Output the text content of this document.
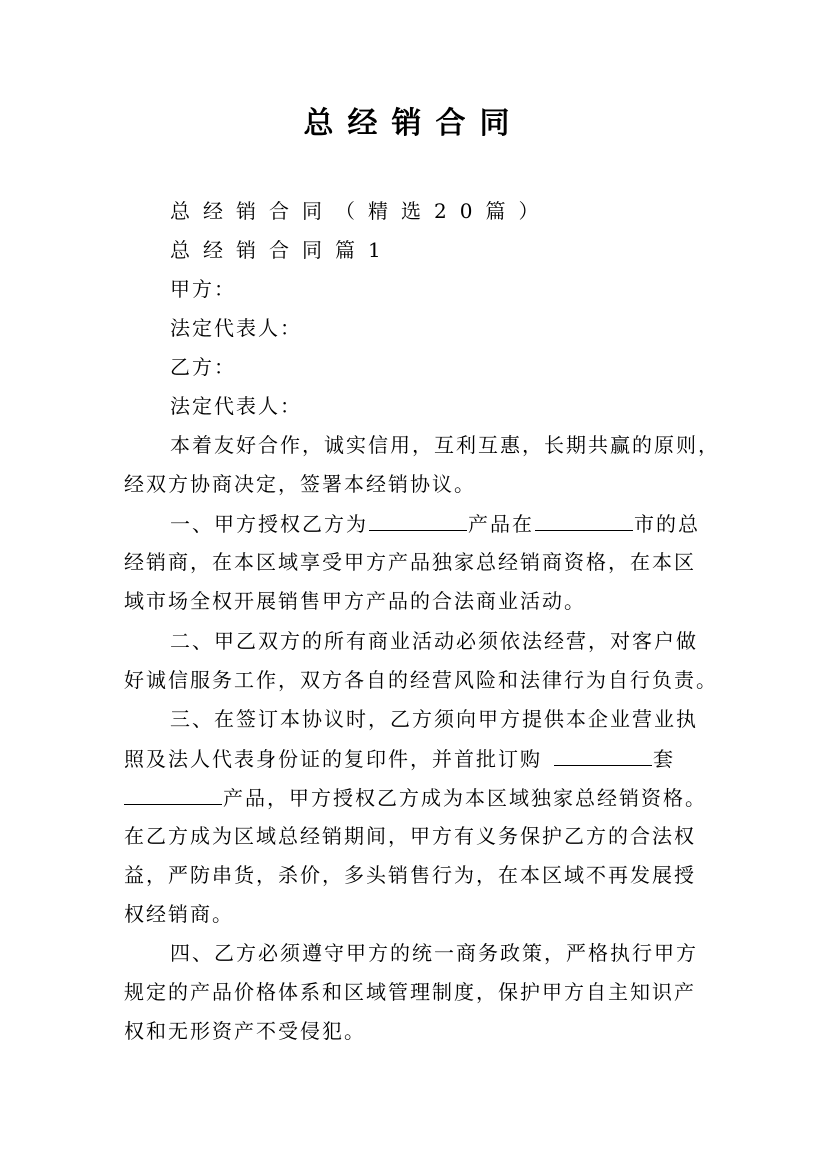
总经销合同
总经销合同（精选20篇）
总经销合同篇1
甲方：
法定代表人：
乙方：
法定代表人：
本着友好合作，诚实信用，互利互惠，长期共赢的原则，
经双方协商决定，签署本经销协议。
一、甲方授权乙方为	产品在	市的总
经销商，在本区域享受甲方产品独家总经销商资格，在本区
域市场全权开展销售甲方产品的合法商业活动。
二、甲乙双方的所有商业活动必须依法经营，对客户做
好诚信服务工作，双方各自的经营风险和法律行为自行负责。
三、在签订本协议时，乙方须向甲方提供本企业营业执
照及法人代表身份证的复印件，并首批订购	套
产品，甲方授权乙方成为本区域独家总经销资格。
在乙方成为区域总经销期间，甲方有义务保护乙方的合法权
益，严防串货，杀价，多头销售行为，在本区域不再发展授
权经销商。
四、乙方必须遵守甲方的统一商务政策，严格执行甲方
规定的产品价格体系和区域管理制度，保护甲方自主知识产
权和无形资产不受侵犯。
